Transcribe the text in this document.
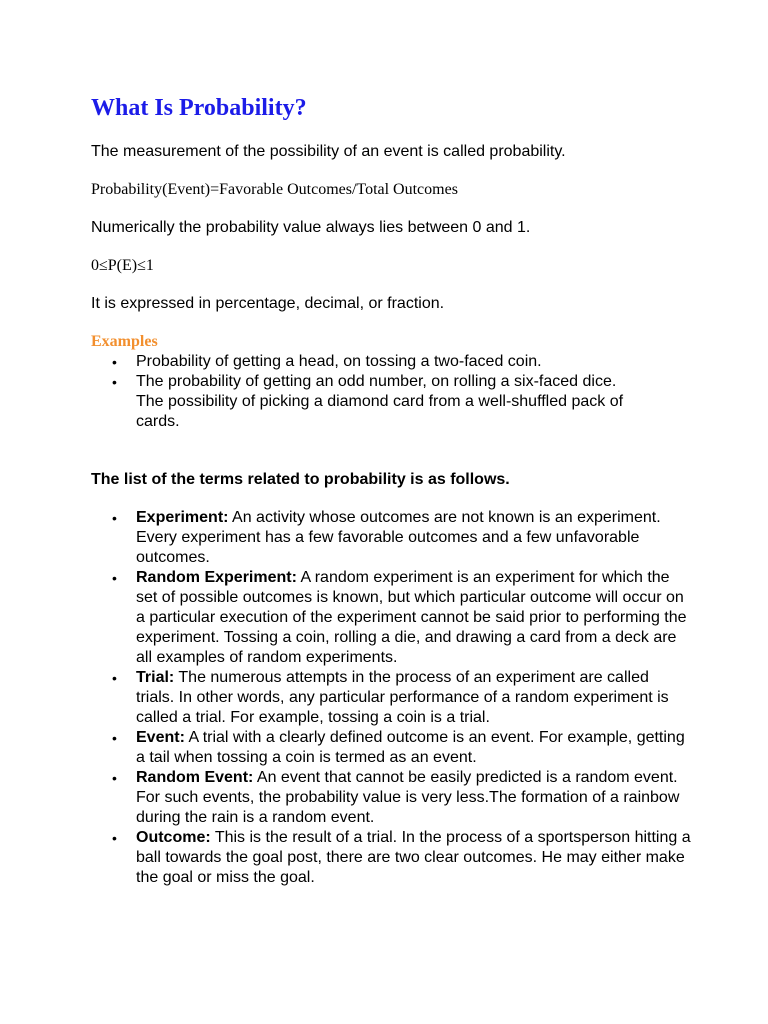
What Is Probability?

The measurement of the possibility of an event is called probability.

Probability(Event)=Favorable Outcomes/Total Outcomes

Numerically the probability value always lies between 0 and 1.

0≤P(E)≤1

It is expressed in percentage, decimal, or fraction.

Examples
• Probability of getting a head, on tossing a two-faced coin.
• The probability of getting an odd number, on rolling a six-faced dice.
The possibility of picking a diamond card from a well-shuffled pack of cards.
The list of the terms related to probability is as follows.
• Experiment: An activity whose outcomes are not known is an experiment. Every experiment has a few favorable outcomes and a few unfavorable outcomes.
• Random Experiment: A random experiment is an experiment for which the set of possible outcomes is known, but which particular outcome will occur on a particular execution of the experiment cannot be said prior to performing the experiment. Tossing a coin, rolling a die, and drawing a card from a deck are all examples of random experiments.
• Trial: The numerous attempts in the process of an experiment are called trials. In other words, any particular performance of a random experiment is called a trial. For example, tossing a coin is a trial.
• Event: A trial with a clearly defined outcome is an event. For example, getting a tail when tossing a coin is termed as an event.
• Random Event: An event that cannot be easily predicted is a random event. For such events, the probability value is very less.The formation of a rainbow during the rain is a random event.
• Outcome: This is the result of a trial. In the process of a sportsperson hitting a ball towards the goal post, there are two clear outcomes. He may either make the goal or miss the goal.
